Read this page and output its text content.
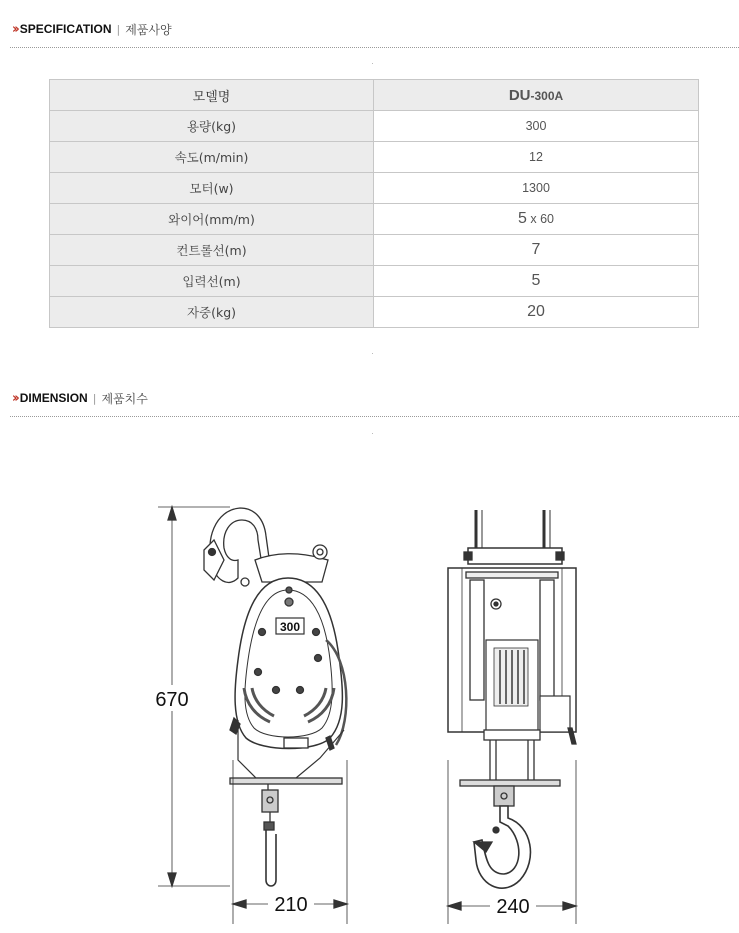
›› SPECIFICATION | 제품사양
모델명	DU-300A
용량(kg)	300
속도(m/min)	12
모터(w)	1300
와이어(mm/m)	5 x 60
컨트롤선(m)	7
입력선(m)	5
자중(kg)	20
›› DIMENSION | 제품치수
670
300
210	240
